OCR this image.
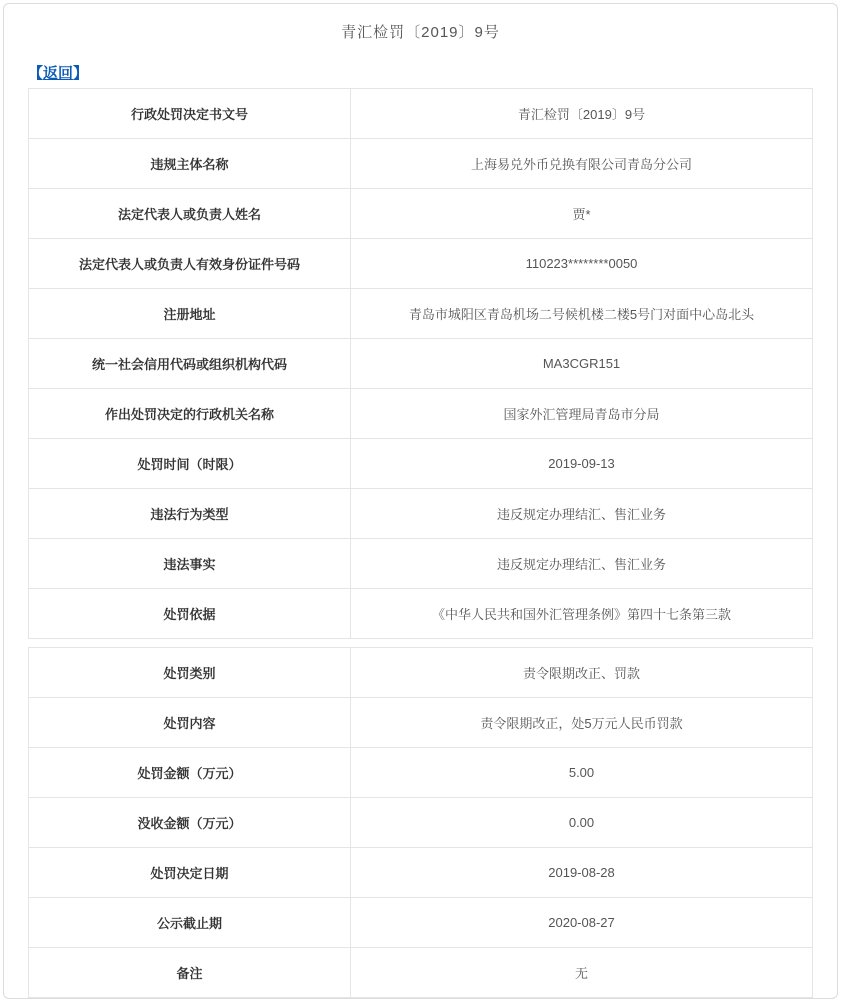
青汇检罚〔2019〕9号
【返回】
行政处罚决定书文号	青汇检罚〔2019〕9号
违规主体名称	上海易兑外币兑换有限公司青岛分公司
法定代表人或负责人姓名	贾*
法定代表人或负责人有效身份证件号码	110223********0050
注册地址	青岛市城阳区青岛机场二号候机楼二楼5号门对面中心岛北头
统一社会信用代码或组织机构代码	MA3CGR151
作出处罚决定的行政机关名称	国家外汇管理局青岛市分局
处罚时间（时限）	2019-09-13
违法行为类型	违反规定办理结汇、售汇业务
违法事实	违反规定办理结汇、售汇业务
处罚依据	《中华人民共和国外汇管理条例》第四十七条第三款
处罚类别	责令限期改正、罚款
处罚内容	责令限期改正，处5万元人民币罚款
处罚金额（万元）	5.00
没收金额（万元）	0.00
处罚决定日期	2019-08-28
公示截止期	2020-08-27
备注	无
